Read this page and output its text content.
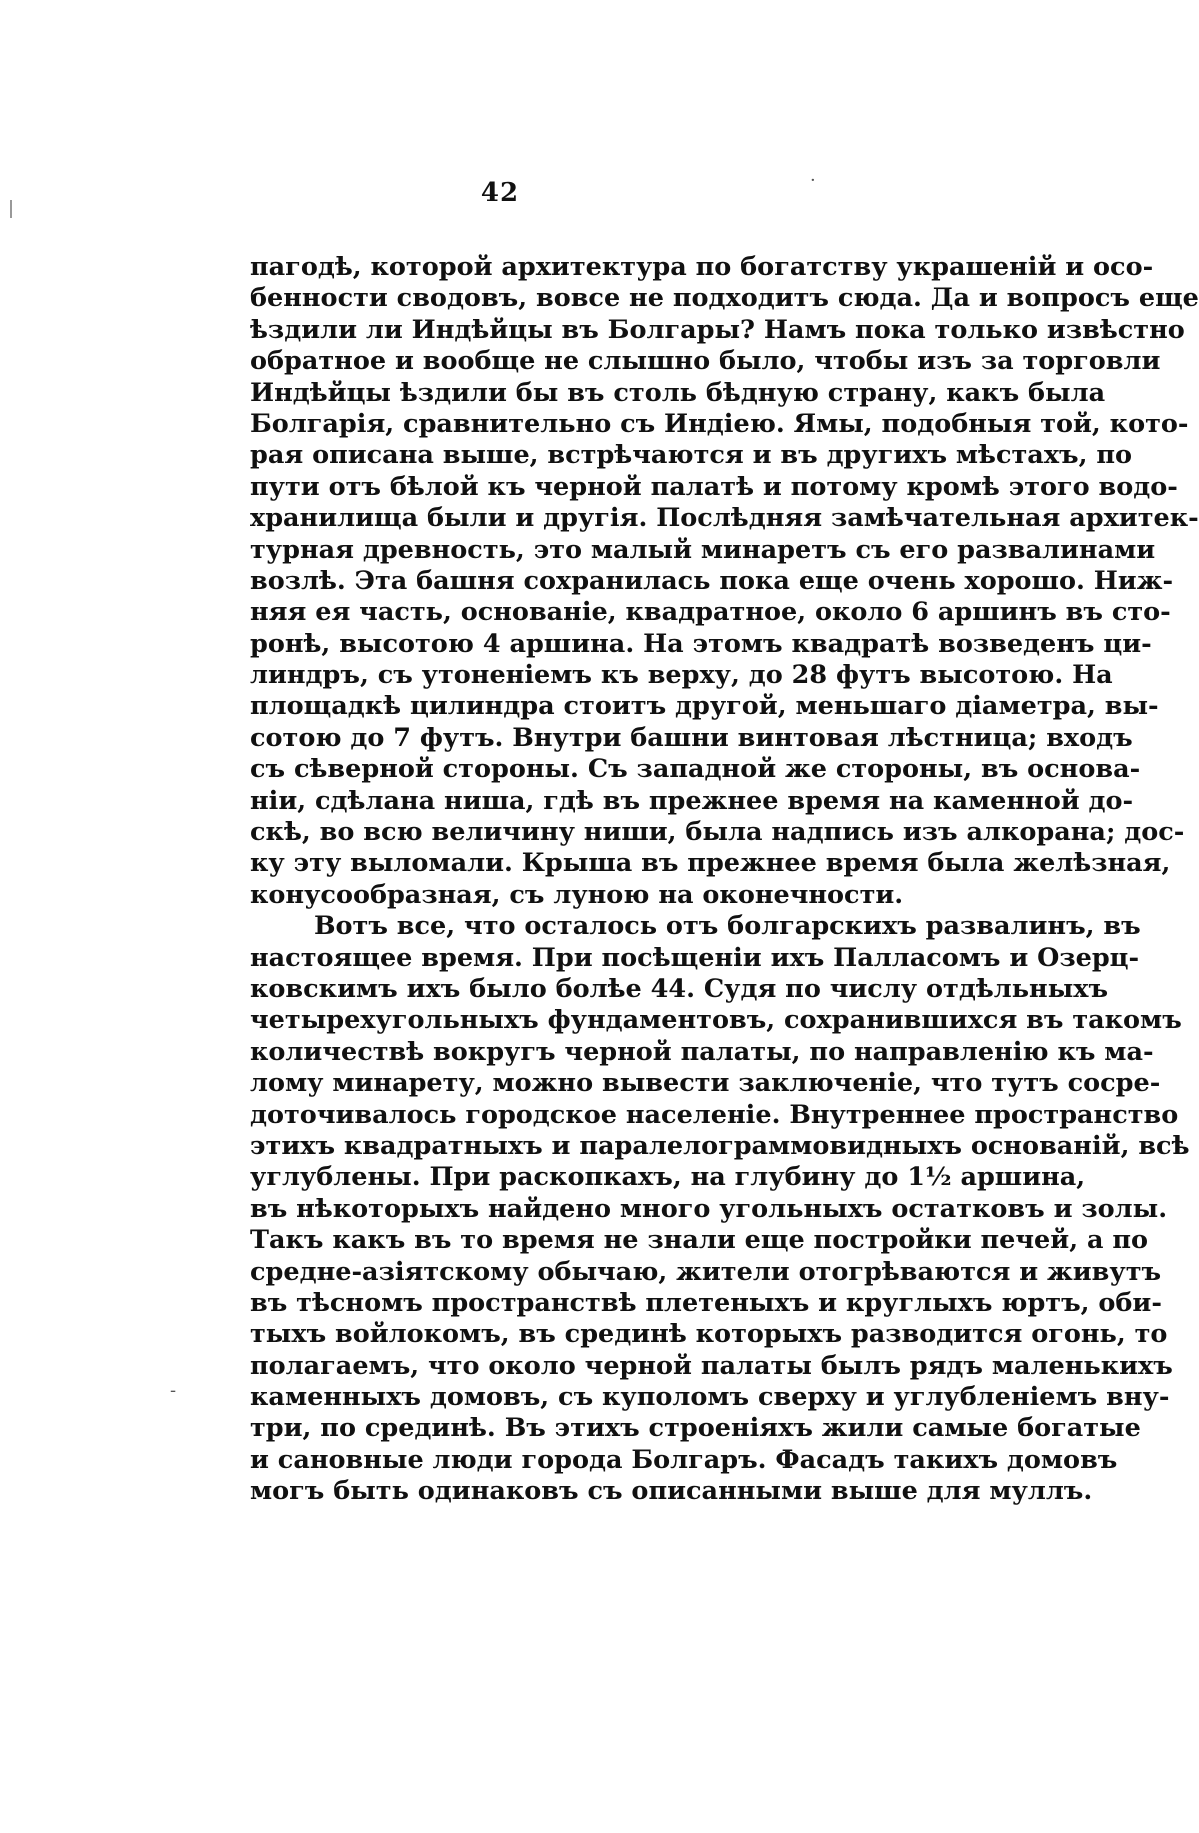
·
-
42
пагодѣ, которой архитектура по богатству украшеній и осо-
бенности сводовъ, вовсе не подходитъ сюда. Да и вопросъ еще
ѣздили ли Индѣйцы въ Болгары? Намъ пока только извѣстно
обратное и вообще не слышно было, чтобы изъ за торговли
Индѣйцы ѣздили бы въ столь бѣдную страну, какъ была
Болгарія, сравнительно съ Индіею. Ямы, подобныя той, кото-
рая описана выше, встрѣчаются и въ другихъ мѣстахъ, по
пути отъ бѣлой къ черной палатѣ и потому кромѣ этого водо-
хранилища были и другія. Послѣдняя замѣчательная архитек-
турная древность, это малый минаретъ съ его развалинами
возлѣ. Эта башня сохранилась пока еще очень хорошо. Ниж-
няя ея часть, основаніе, квадратное, около 6 аршинъ въ сто-
ронѣ, высотою 4 аршина. На этомъ квадратѣ возведенъ ци-
линдръ, съ утоненіемъ къ верху, до 28 футъ высотою. На
площадкѣ цилиндра стоитъ другой, меньшаго діаметра, вы-
сотою до 7 футъ. Внутри башни винтовая лѣстница; входъ
съ сѣверной стороны. Съ западной же стороны, въ основа-
ніи, сдѣлана ниша, гдѣ въ прежнее время на каменной до-
скѣ, во всю величину ниши, была надпись изъ алкорана; дос-
ку эту выломали. Крыша въ прежнее время была желѣзная,
конусообразная, съ луною на оконечности.
Вотъ все, что осталось отъ болгарскихъ развалинъ, въ
настоящее время. При посѣщеніи ихъ Палласомъ и Озерц-
ковскимъ ихъ было болѣе 44. Судя по числу отдѣльныхъ
четырехугольныхъ фундаментовъ, сохранившихся въ такомъ
количествѣ вокругъ черной палаты, по направленію къ ма-
лому минарету, можно вывести заключеніе, что тутъ сосре-
доточивалось городское населеніе. Внутреннее пространство
этихъ квадратныхъ и паралелограммовидныхъ основаній, всѣ
углублены. При раскопкахъ, на глубину до 1½ аршина,
въ нѣкоторыхъ найдено много угольныхъ остатковъ и золы.
Такъ какъ въ то время не знали еще постройки печей, а по
средне-азіятскому обычаю, жители отогрѣваются и живутъ
въ тѣсномъ пространствѣ плетеныхъ и круглыхъ юртъ, оби-
тыхъ войлокомъ, въ срединѣ которыхъ разводится огонь, то
полагаемъ, что около черной палаты былъ рядъ маленькихъ
каменныхъ домовъ, съ куполомъ сверху и углубленіемъ вну-
три, по срединѣ. Въ этихъ строеніяхъ жили самые богатые
и сановные люди города Болгаръ. Фасадъ такихъ домовъ
могъ быть одинаковъ съ описанными выше для муллъ.
